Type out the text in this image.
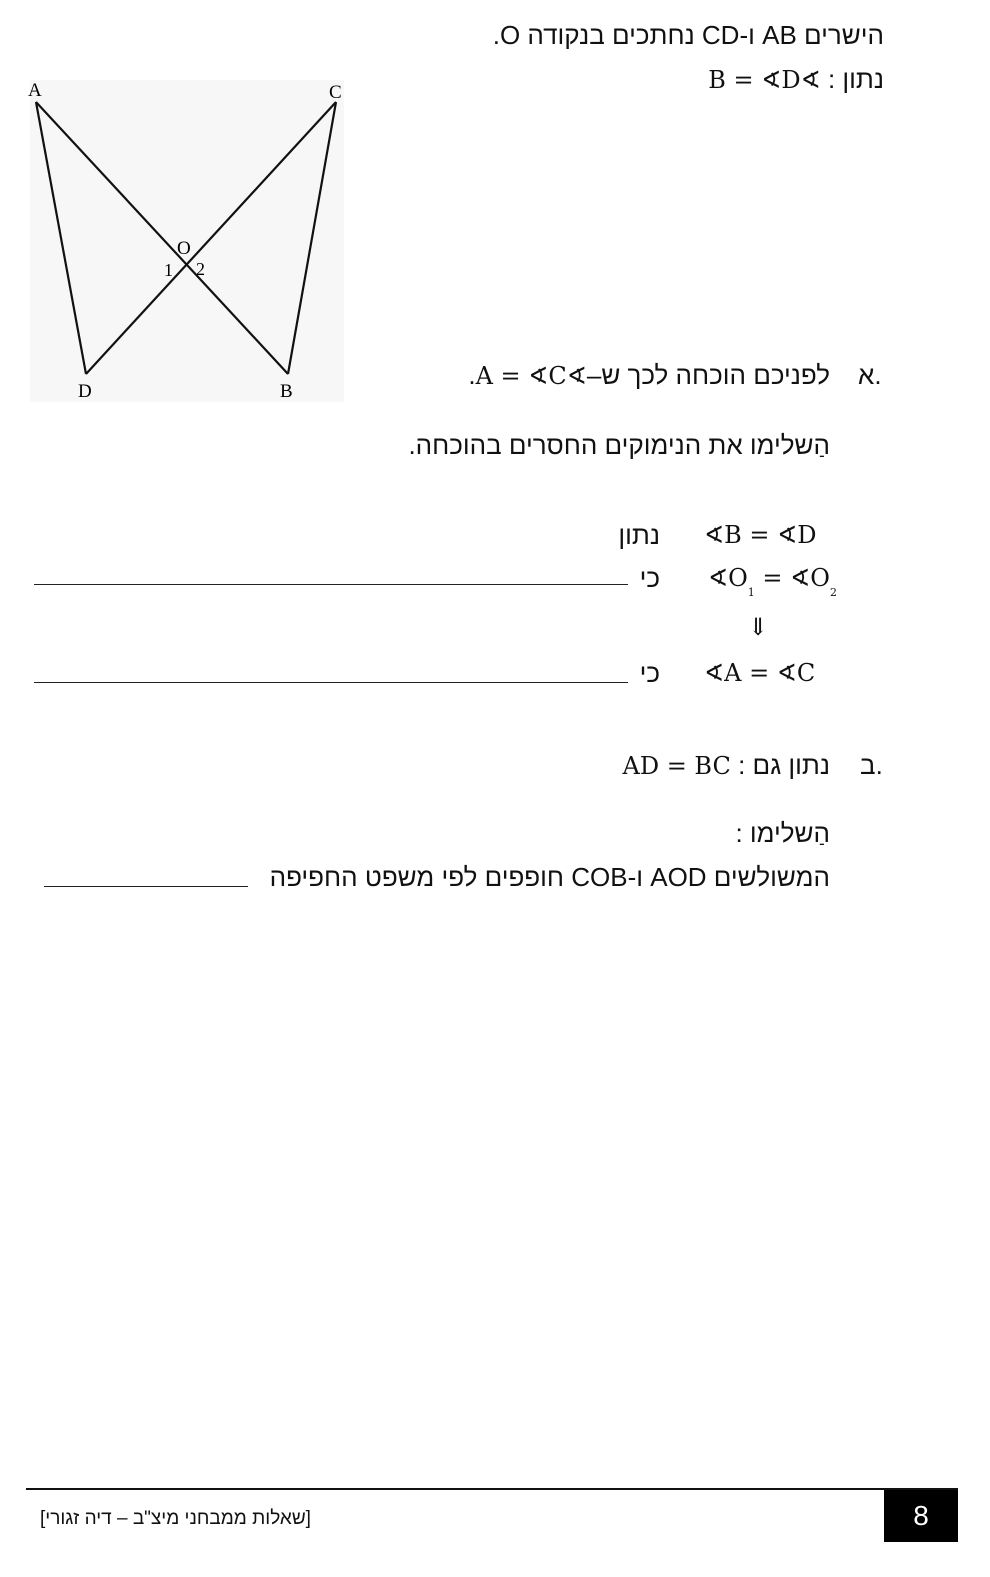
הישרים AB ו-CD נחתכים בנקודה O.
נתון : ∢B = ∢D
A	C
O
1 2
D	B
א.
לפניכם הוכחה לכך ש–∢A = ∢C.
הַשלימו את הנימוקים החסרים בהוכחה.
∢B = ∢D
נתון
$∢O_1$ = $∢O_2$
כי
⇓
∢A = ∢C
כי
ב.
נתון גם : AD = BC
הַשלימו :
המשולשים AOD ו-COB חופפים לפי משפט החפיפה
[שאלות ממבחני מיצ"ב – דיה זגורי]	8
